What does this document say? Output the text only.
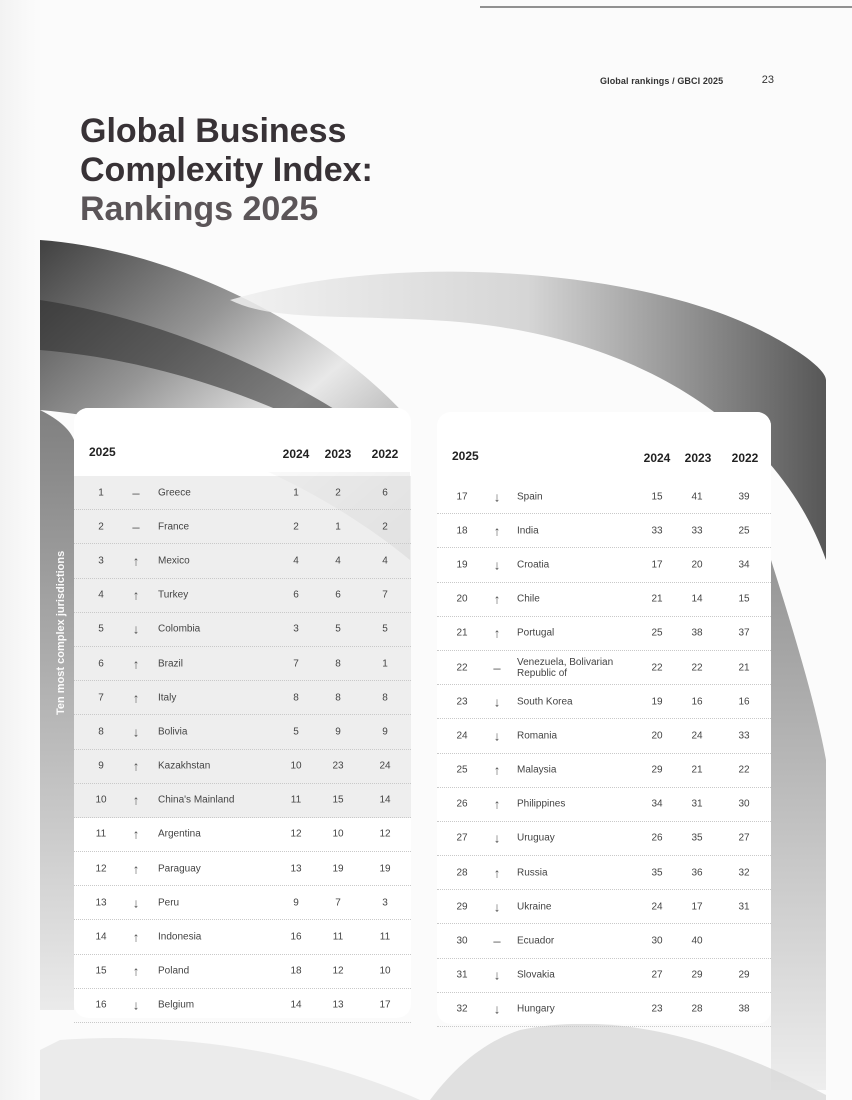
Global rankings / GBCI 2025	23
Global Business
Complexity Index:
Rankings 2025
Ten most complex jurisdictions
2025	2024	2023	2022
1	–	Greece	1	2	6
2	–	France	2	1	2
3	↑	Mexico	4	4	4
4	↑	Turkey	6	6	7
5	↓	Colombia	3	5	5
6	↑	Brazil	7	8	1
7	↑	Italy	8	8	8
8	↓	Bolivia	5	9	9
9	↑	Kazakhstan	10	23	24
10	↑	China's Mainland	11	15	14
11	↑	Argentina	12	10	12
12	↑	Paraguay	13	19	19
13	↓	Peru	9	7	3
14	↑	Indonesia	16	11	11
15	↑	Poland	18	12	10
16	↓	Belgium	14	13	17
2025	2024	2023	2022
17	↓	Spain	15	41	39
18	↑	India	33	33	25
19	↓	Croatia	17	20	34
20	↑	Chile	21	14	15
21	↑	Portugal	25	38	37
22	–	Venezuela, Bolivarian Republic of	22	22	21
23	↓	South Korea	19	16	16
24	↓	Romania	20	24	33
25	↑	Malaysia	29	21	22
26	↑	Philippines	34	31	30
27	↓	Uruguay	26	35	27
28	↑	Russia	35	36	32
29	↓	Ukraine	24	17	31
30	–	Ecuador	30	40
31	↓	Slovakia	27	29	29
32	↓	Hungary	23	28	38
